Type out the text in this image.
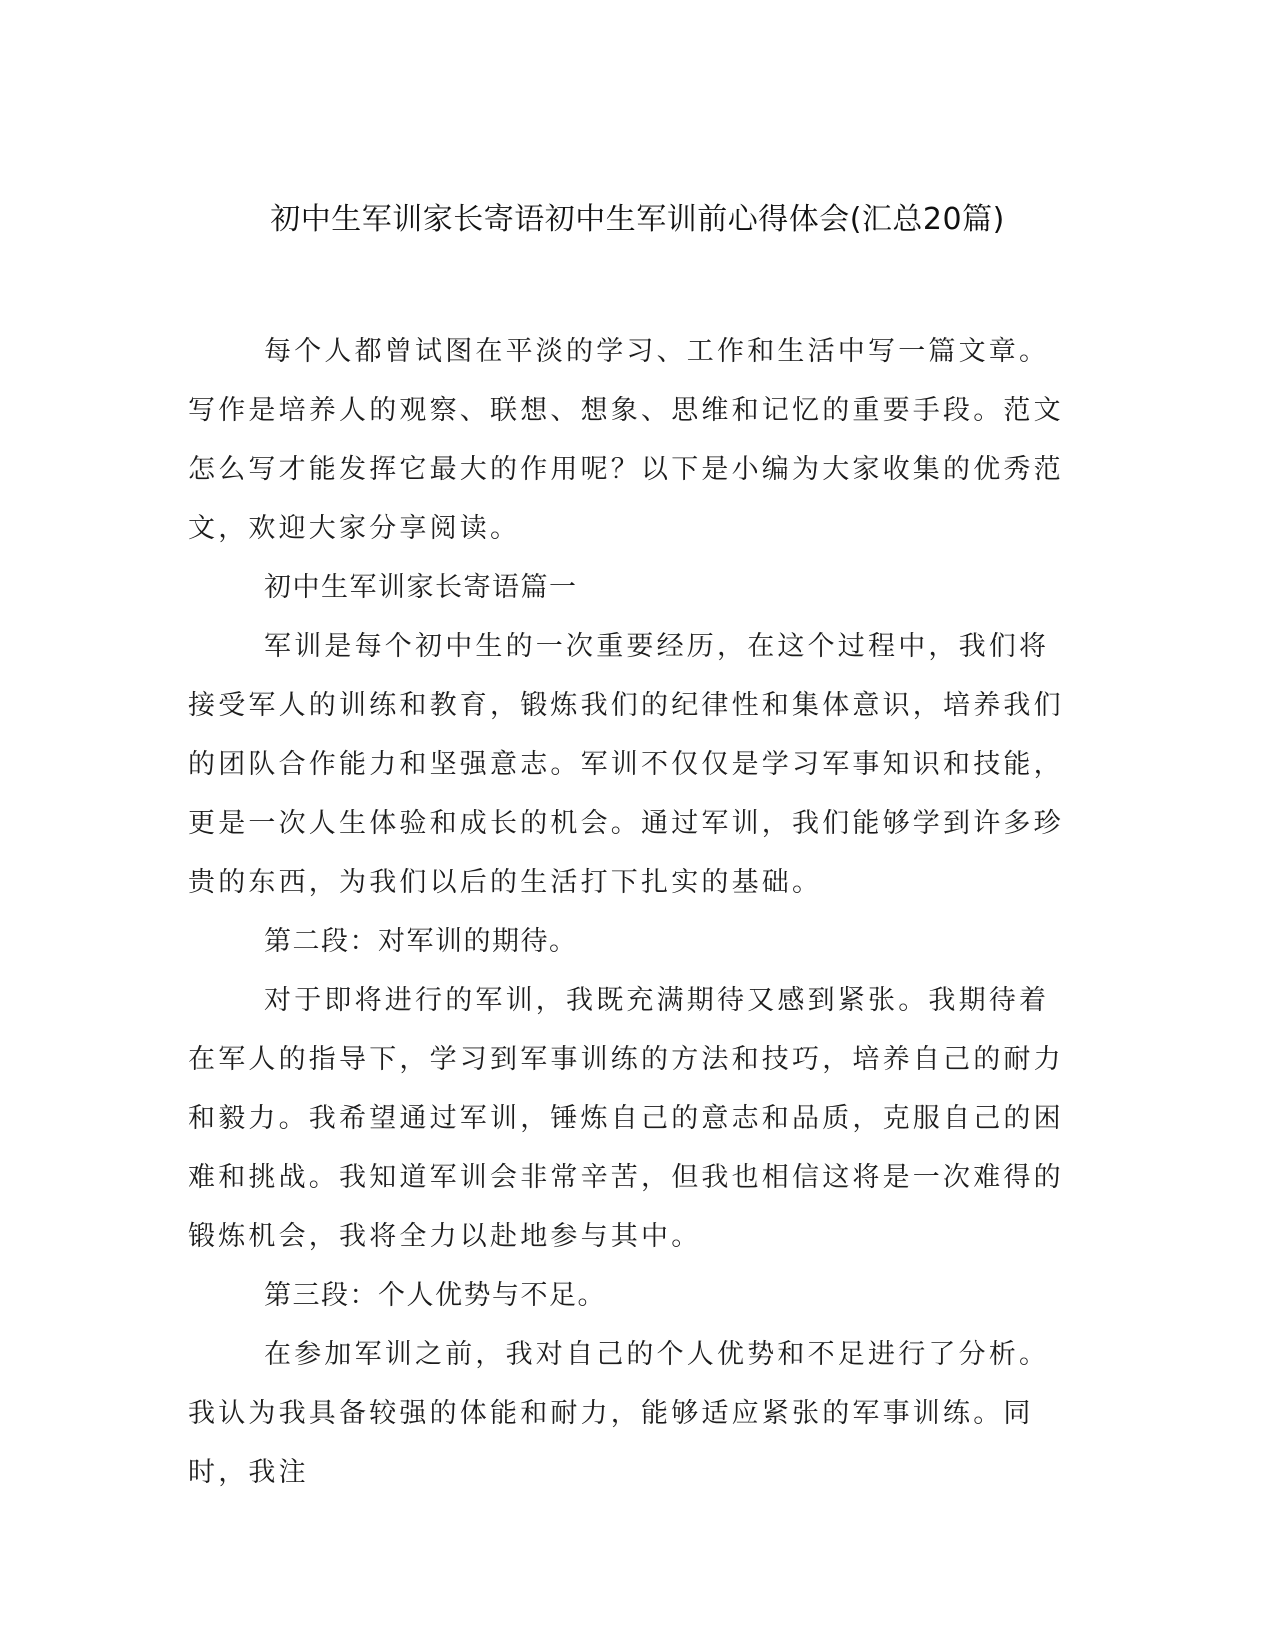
初中生军训家长寄语初中生军训前心得体会(汇总20篇)

每个人都曾试图在平淡的学习、工作和生活中写一篇文章。写作是培养人的观察、联想、想象、思维和记忆的重要手段。范文怎么写才能发挥它最大的作用呢？以下是小编为大家收集的优秀范文，欢迎大家分享阅读。

初中生军训家长寄语篇一

军训是每个初中生的一次重要经历，在这个过程中，我们将接受军人的训练和教育，锻炼我们的纪律性和集体意识，培养我们的团队合作能力和坚强意志。军训不仅仅是学习军事知识和技能，更是一次人生体验和成长的机会。通过军训，我们能够学到许多珍贵的东西，为我们以后的生活打下扎实的基础。

第二段：对军训的期待。

对于即将进行的军训，我既充满期待又感到紧张。我期待着在军人的指导下，学习到军事训练的方法和技巧，培养自己的耐力和毅力。我希望通过军训，锤炼自己的意志和品质，克服自己的困难和挑战。我知道军训会非常辛苦，但我也相信这将是一次难得的锻炼机会，我将全力以赴地参与其中。

第三段：个人优势与不足。

在参加军训之前，我对自己的个人优势和不足进行了分析。我认为我具备较强的体能和耐力，能够适应紧张的军事训练。同时，我注
